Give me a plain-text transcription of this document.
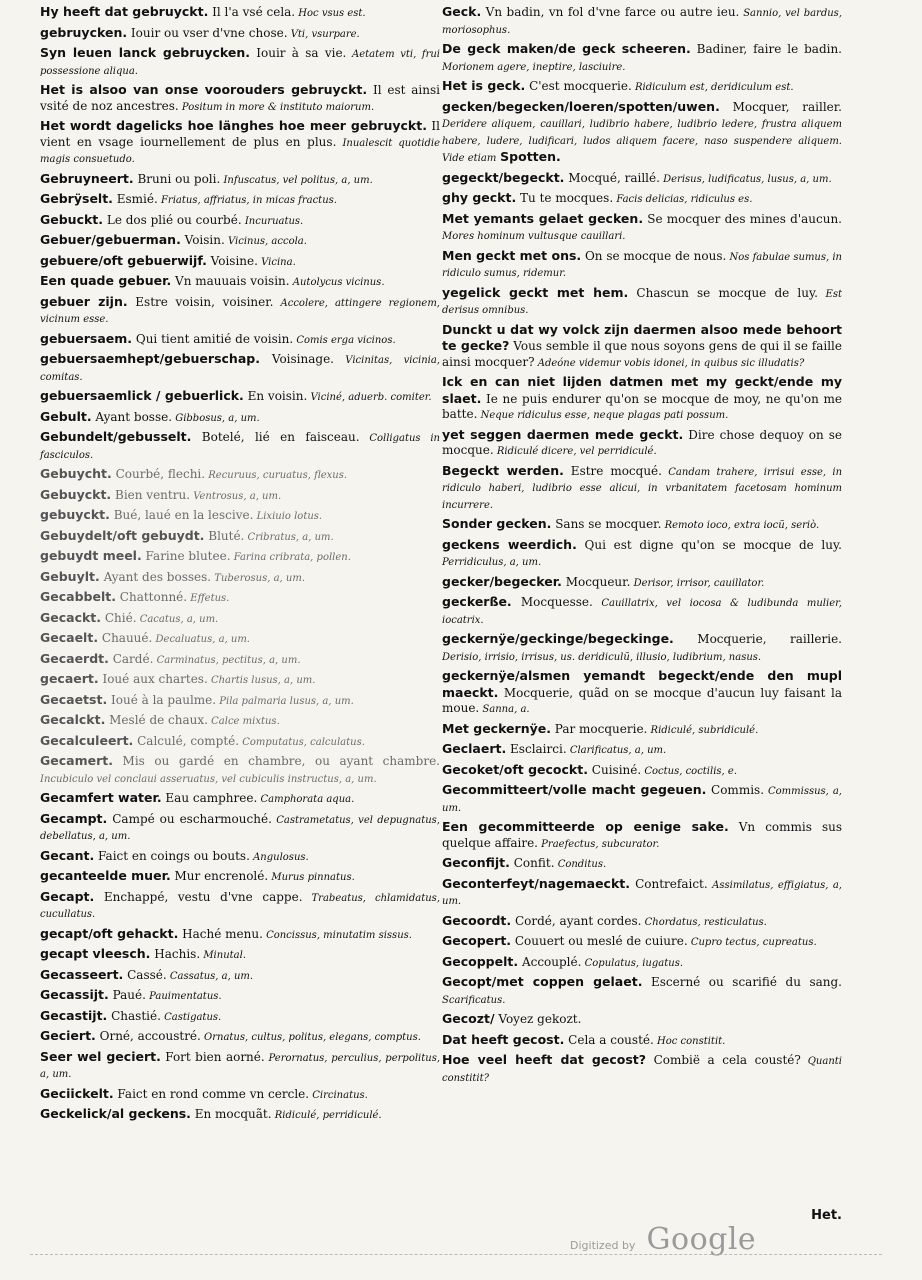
Hy heeft dat gebruyckt. Il l'a vsé cela. Hoc vsus est.
gebruycken. Iouir ou vser d'vne chose. Vti, vsurpare.
Syn leuen lanck gebruycken. Iouir à sa vie. Aetatem vti, frui possessione aliqua.
Het is alsoo van onse voorouders gebruyckt. Il est ainsi vsité de noz ancestres. Positum in more & instituto maiorum.
Het wordt dagelicks hoe länghes hoe meer gebruyckt. Il vient en vsage iournellement de plus en plus. Inualescit quotidie magis consuetudo.
Gebruyneert. Bruni ou poli. Infuscatus, vel politus, a, um.
Gebrÿselt. Esmié. Friatus, affriatus, in micas fractus.
Gebuckt. Le dos plié ou courbé. Incuruatus.
Gebuer/gebuerman. Voisin. Vicinus, accola.
gebuere/oft gebuerwijf. Voisine. Vicina.
Een quade gebuer. Vn mauuais voisin. Autolycus vicinus.
gebuer zijn. Estre voisin, voisiner. Accolere, attingere regionem, vicinum esse.
gebuersaem. Qui tient amitié de voisin. Comis erga vicinos.
gebuersaemhept/gebuerschap. Voisinage. Vicinitas, vicinia, comitas.
gebuersaemlick / gebuerlick. En voisin. Viciné, aduerb. comiter.
Gebult. Ayant bosse. Gibbosus, a, um.
Gebundelt/gebusselt. Botelé, lié en faisceau. Colligatus in fasciculos.
Gebuycht. Courbé, flechi. Recuruus, curuatus, flexus.
Gebuyckt. Bien ventru. Ventrosus, a, um.
gebuyckt. Bué, laué en la lescive. Lixiuio lotus.
Gebuydelt/oft gebuydt. Bluté. Cribratus, a, um.
gebuydt meel. Farine blutee. Farina cribrata, pollen.
Gebuylt. Ayant des bosses. Tuberosus, a, um.
Gecabbelt. Chattonné. Effetus.
Gecackt. Chié. Cacatus, a, um.
Gecaelt. Chauué. Decaluatus, a, um.
Gecaerdt. Cardé. Carminatus, pectitus, a, um.
gecaert. Ioué aux chartes. Chartis lusus, a, um.
Gecaetst. Ioué à la paulme. Pila palmaria lusus, a, um.
Gecalckt. Meslé de chaux. Calce mixtus.
Gecalculeert. Calculé, compté. Computatus, calculatus.
Gecamert. Mis ou gardé en chambre, ou ayant chambre. Incubiculo vel conclaui asseruatus, vel cubiculis instructus, a, um.
Gecamfert water. Eau camphree. Camphorata aqua.
Gecampt. Campé ou escharmouché. Castrametatus, vel depugnatus, debellatus, a, um.
Gecant. Faict en coings ou bouts. Angulosus.
gecanteelde muer. Mur encrenolé. Murus pinnatus.
Gecapt. Enchappé, vestu d'vne cappe. Trabeatus, chlamidatus, cucullatus.
gecapt/oft gehackt. Haché menu. Concissus, minutatim sissus.
gecapt vleesch. Hachis. Minutal.
Gecasseert. Cassé. Cassatus, a, um.
Gecassijt. Paué. Pauimentatus.
Gecastijt. Chastié. Castigatus.
Geciert. Orné, accoustré. Ornatus, cultus, politus, elegans, comptus.
Seer wel geciert. Fort bien aorné. Perornatus, perculius, perpolitus, a, um.
Geciickelt. Faict en rond comme vn cercle. Circinatus.
Geckelick/al geckens. En mocquãt. Ridiculé, perridiculé.
Geck. Vn badin, vn fol d'vne farce ou autre ieu. Sannio, vel bardus, moriosophus.
De geck maken/de geck scheeren. Badiner, faire le badin. Morionem agere, ineptire, lasciuire.
Het is geck. C'est mocquerie. Ridiculum est, deridiculum est.
gecken/begecken/loeren/spotten/uwen. Mocquer, railler. Deridere aliquem, cauillari, ludibrio habere, ludibrio ledere, frustra aliquem habere, ludere, ludificari, ludos aliquem facere, naso suspendere aliquem. Vide etiam Spotten.
gegeckt/begeckt. Mocqué, raillé. Derisus, ludificatus, lusus, a, um.
ghy geckt. Tu te mocques. Facis delicias, ridiculus es.
Met yemants gelaet gecken. Se mocquer des mines d'aucun. Mores hominum vultusque cauillari.
Men geckt met ons. On se mocque de nous. Nos fabulae sumus, in ridiculo sumus, ridemur.
yegelick geckt met hem. Chascun se mocque de luy. Est derisus omnibus.
Dunckt u dat wy volck zijn daermen alsoo mede behoort te gecke? Vous semble il que nous soyons gens de qui il se faille ainsi mocquer? Adeóne videmur vobis idonei, in quibus sic illudatis?
Ick en can niet lijden datmen met my geckt/ende my slaet. Ie ne puis endurer qu'on se mocque de moy, ne qu'on me batte. Neque ridiculus esse, neque plagas pati possum.
yet seggen daermen mede geckt. Dire chose dequoy on se mocque. Ridiculé dicere, vel perridiculé.
Begeckt werden. Estre mocqué. Candam trahere, irrisui esse, in ridiculo haberi, ludibrio esse alicui, in vrbanitatem facetosam hominum incurrere.
Sonder gecken. Sans se mocquer. Remoto ioco, extra iocũ, seriò.
geckens weerdich. Qui est digne qu'on se mocque de luy. Perridiculus, a, um.
gecker/begecker. Mocqueur. Derisor, irrisor, cauillator.
geckerße. Mocquesse. Cauillatrix, vel iocosa & ludibunda mulier, iocatrix.
geckernÿe/geckinge/begeckinge. Mocquerie, raillerie. Derisio, irrisio, irrisus, us. deridiculũ, illusio, ludibrium, nasus.
geckernÿe/alsmen yemandt begeckt/ende den mupl maeckt. Mocquerie, quãd on se mocque d'aucun luy faisant la moue. Sanna, a.
Met geckernÿe. Par mocquerie. Ridiculé, subridiculé.
Geclaert. Esclairci. Clarificatus, a, um.
Gecoket/oft gecockt. Cuisiné. Coctus, coctilis, e.
Gecommitteert/volle macht gegeuen. Commis. Commissus, a, um.
Een gecommitteerde op eenige sake. Vn commis sus quelque affaire. Praefectus, subcurator.
Geconfijt. Confit. Conditus.
Geconterfeyt/nagemaeckt. Contrefaict. Assimilatus, effigiatus, a, um.
Gecoordt. Cordé, ayant cordes. Chordatus, resticulatus.
Gecopert. Couuert ou meslé de cuiure. Cupro tectus, cupreatus.
Gecoppelt. Accouplé. Copulatus, iugatus.
Gecopt/met coppen gelaet. Escerné ou scarifié du sang. Scarificatus.
Gecozt/ Voyez gekozt.
Dat heeft gecost. Cela a cousté. Hoc constitit.
Hoe veel heeft dat gecost? Combië a cela cousté? Quanti constitit?
Het.
Digitized by Google
